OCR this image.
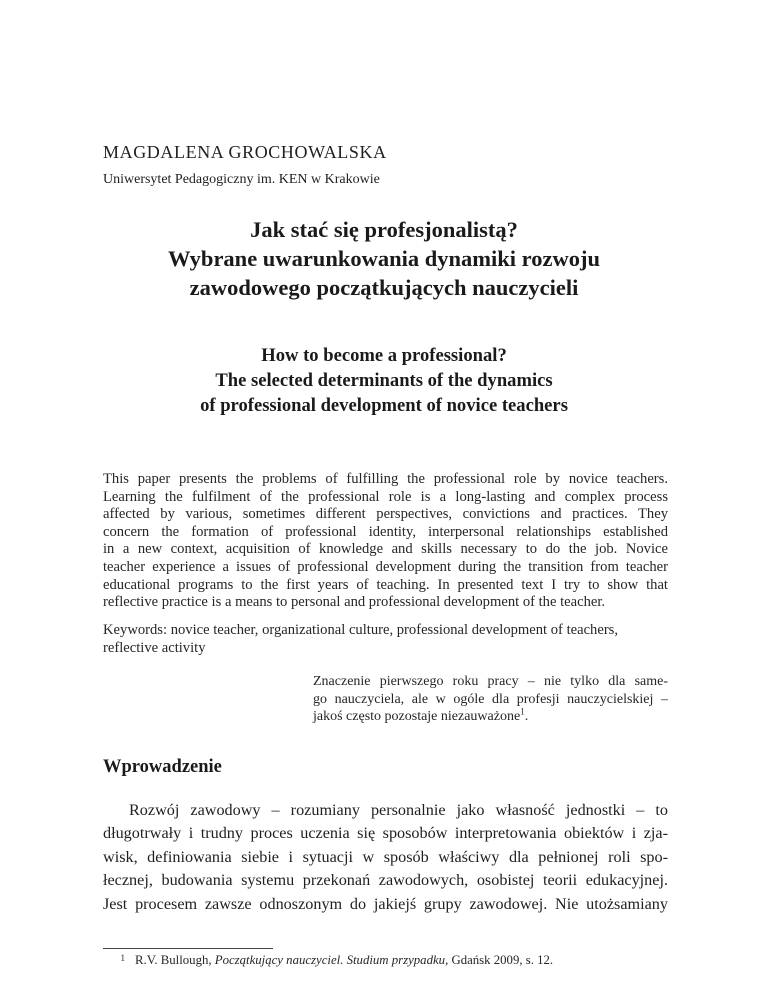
MAGDALENA GROCHOWALSKA
Uniwersytet Pedagogiczny im. KEN w Krakowie
Jak stać się profesjonalistą?
Wybrane uwarunkowania dynamiki rozwoju
zawodowego początkujących nauczycieli
How to become a professional?
The selected determinants of the dynamics
of professional development of novice teachers
This paper presents the problems of fulfilling the professional role by novice teachers.
Learning the fulfilment of the professional role is a long-lasting and complex process
affected by various, sometimes different perspectives, convictions and practices. They
concern the formation of professional identity, interpersonal relationships established
in a new context, acquisition of knowledge and skills necessary to do the job. Novice
teacher experience a issues of professional development during the transition from teacher
educational programs to the first years of teaching. In presented text I try to show that
reflective practice is a means to personal and professional development of the teacher.
Keywords: novice teacher, organizational culture, professional development of teachers,
reflective activity
Znaczenie pierwszego roku pracy – nie tylko dla same-
go nauczyciela, ale w ogóle dla profesji nauczycielskiej –
jakoś często pozostaje niezauważone$^1$.
Wprowadzenie
Rozwój zawodowy – rozumiany personalnie jako własność jednostki – to
długotrwały i trudny proces uczenia się sposobów interpretowania obiektów i zja-
wisk, definiowania siebie i sytuacji w sposób właściwy dla pełnionej roli spo-
łecznej, budowania systemu przekonań zawodowych, osobistej teorii edukacyjnej.
Jest procesem zawsze odnoszonym do jakiejś grupy zawodowej. Nie utożsamiany
1 R.V. Bullough, Początkujący nauczyciel. Studium przypadku, Gdańsk 2009, s. 12.
